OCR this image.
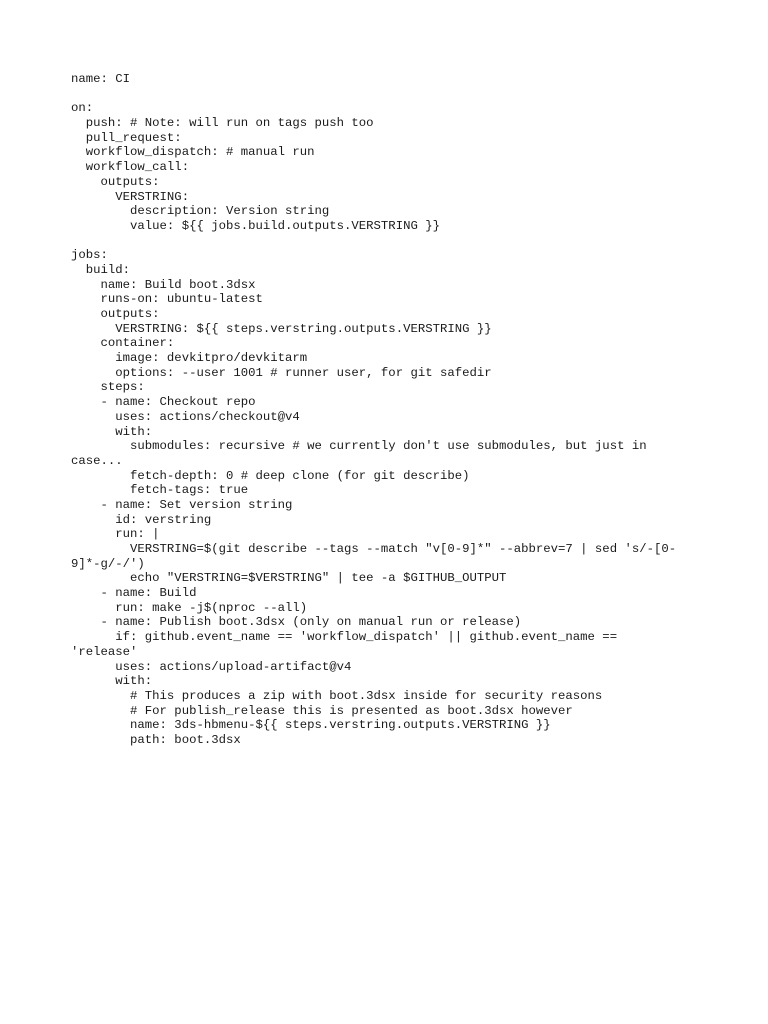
name: CI
on:
push: # Note: will run on tags push too
pull_request:
workflow_dispatch: # manual run
workflow_call:
outputs:
VERSTRING:
description: Version string
value: ${{ jobs.build.outputs.VERSTRING }}
jobs:
build:
name: Build boot.3dsx
runs-on: ubuntu-latest
outputs:
VERSTRING: ${{ steps.verstring.outputs.VERSTRING }}
container:
image: devkitpro/devkitarm
options: --user 1001 # runner user, for git safedir
steps:
- name: Checkout repo
uses: actions/checkout@v4
with:
submodules: recursive # we currently don't use submodules, but just in
case...
fetch-depth: 0 # deep clone (for git describe)
fetch-tags: true
- name: Set version string
id: verstring
run: |
VERSTRING=$(git describe --tags --match "v[0-9]*" --abbrev=7 | sed 's/-[0-
9]*-g/-/')
echo "VERSTRING=$VERSTRING" | tee -a $GITHUB_OUTPUT
- name: Build
run: make -j$(nproc --all)
- name: Publish boot.3dsx (only on manual run or release)
if: github.event_name == 'workflow_dispatch' || github.event_name ==
'release'
uses: actions/upload-artifact@v4
with:
# This produces a zip with boot.3dsx inside for security reasons
# For publish_release this is presented as boot.3dsx however
name: 3ds-hbmenu-${{ steps.verstring.outputs.VERSTRING }}
path: boot.3dsx
